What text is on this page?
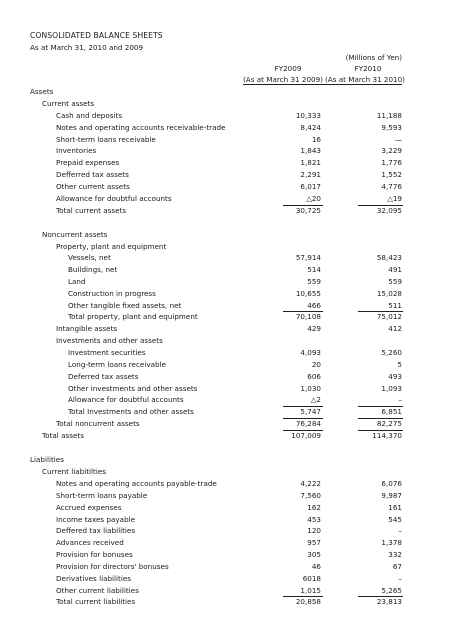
CONSOLIDATED BALANCE SHEETS
As at March 31, 2010 and 2009
(Millions of Yen)
FY2009	FY2010
(As at March 31 2009) (As at March 31 2010)
Assets
Current assets
Cash and deposits	10,333	11,188
Notes and operating accounts receivable-trade	8,424	9,593
Short-term loans receivable	16	—
Inventories	1,843	3,229
Prepaid expenses	1,821	1,776
Defferred tax assets	2,291	1,552
Other current assets	6,017	4,776
Allowance for doubtful accounts	△20	△19
Total current assets	30,725	32,095
Noncurrent assets
Property, plant and equipment
Vessels, net	57,914	58,423
Buildings, net	514	491
Land	559	559
Construction in progress	10,655	15,028
Other tangible fixed assets, net	466	511
Total property, plant and equipment	70,108	75,012
Intangible assets	429	412
Investments and other assets
Investment securities	4,093	5,260
Long-term loans receivable	20	5
Deferred tax assets	606	493
Other investments and other assets	1,030	1,093
Allowance for doubtful accounts	△2	–
Total Investments and other assets	5,747	6,851
Total noncurrent assets	76,284	82,275
Total assets	107,009	114,370
Liabilities
Current liabitilties
Notes and operating accounts payable-trade	4,222	6,076
Short-term loans payable	7,560	9,987
Accrued expenses	162	161
Income taxes payable	453	545
Deffered tax liabilities	120	–
Advances received	957	1,378
Provision for bonuses	305	332
Provision for directors' bonuses	46	67
Derivatives liabilities	6018	–
Other current liabilities	1,015	5,265
Total current liabilities	20,858	23,813
